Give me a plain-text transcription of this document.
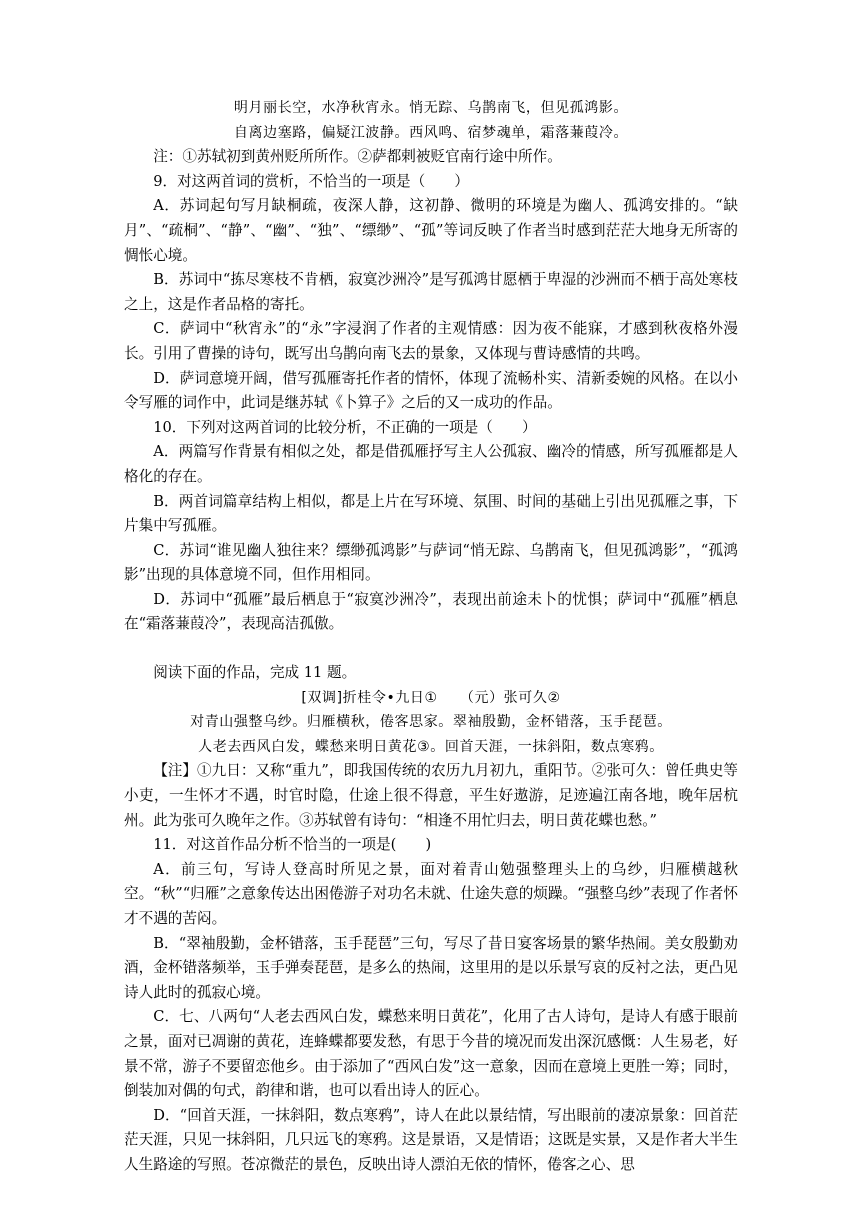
明月丽长空，水净秋宵永。悄无踪、乌鹊南飞，但见孤鸿影。

自离边塞路，偏疑江波静。西风鸣、宿梦魂单，霜落蒹葭冷。

注：①苏轼初到黄州贬所所作。②萨都剌被贬官南行途中所作。

9．对这两首词的赏析，不恰当的一项是（　　）

A．苏词起句写月缺桐疏，夜深人静，这初静、微明的环境是为幽人、孤鸿安排的。“缺月”、“疏桐”、“静”、“幽”、“独”、“缥缈”、“孤”等词反映了作者当时感到茫茫大地身无所寄的惆怅心境。

B．苏词中“拣尽寒枝不肯栖，寂寞沙洲冷”是写孤鸿甘愿栖于卑湿的沙洲而不栖于高处寒枝之上，这是作者品格的寄托。

C．萨词中“秋宵永”的“永”字浸润了作者的主观情感：因为夜不能寐，才感到秋夜格外漫长。引用了曹操的诗句，既写出乌鹊向南飞去的景象，又体现与曹诗感情的共鸣。

D．萨词意境开阔，借写孤雁寄托作者的情怀，体现了流畅朴实、清新委婉的风格。在以小令写雁的词作中，此词是继苏轼《卜算子》之后的又一成功的作品。

10．下列对这两首词的比较分析，不正确的一项是（　　）

A．两篇写作背景有相似之处，都是借孤雁抒写主人公孤寂、幽冷的情感，所写孤雁都是人格化的存在。

B．两首词篇章结构上相似，都是上片在写环境、氛围、时间的基础上引出见孤雁之事，下片集中写孤雁。

C．苏词“谁见幽人独往来？缥缈孤鸿影”与萨词“悄无踪、乌鹊南飞，但见孤鸿影”，“孤鸿影”出现的具体意境不同，但作用相同。

D．苏词中“孤雁”最后栖息于“寂寞沙洲冷”，表现出前途未卜的忧惧；萨词中“孤雁”栖息在“霜落蒹葭冷”，表现高洁孤傲。

阅读下面的作品，完成 11 题。

[双调]折桂令•九日①　　（元）张可久②

对青山强整乌纱。归雁横秋，倦客思家。翠袖殷勤，金杯错落，玉手琵琶。

人老去西风白发，蝶愁来明日黄花③。回首天涯，一抹斜阳，数点寒鸦。

【注】①九日：又称“重九”，即我国传统的农历九月初九，重阳节。②张可久：曾任典史等小吏，一生怀才不遇，时官时隐，仕途上很不得意，平生好遨游，足迹遍江南各地，晚年居杭州。此为张可久晚年之作。③苏轼曾有诗句：“相逢不用忙归去，明日黄花蝶也愁。”

11．对这首作品分析不恰当的一项是(　　)

A．前三句，写诗人登高时所见之景，面对着青山勉强整理头上的乌纱，归雁横越秋空。“秋”“归雁”之意象传达出困倦游子对功名未就、仕途失意的烦躁。“强整乌纱”表现了作者怀才不遇的苦闷。

B．“翠袖殷勤，金杯错落，玉手琵琶”三句，写尽了昔日宴客场景的繁华热闹。美女殷勤劝酒，金杯错落频举，玉手弹奏琵琶，是多么的热闹，这里用的是以乐景写哀的反衬之法，更凸见诗人此时的孤寂心境。

C．七、八两句“人老去西风白发，蝶愁来明日黄花”，化用了古人诗句，是诗人有感于眼前之景，面对已凋谢的黄花，连蜂蝶都要发愁，有思于今昔的境况而发出深沉感慨：人生易老，好景不常，游子不要留恋他乡。由于添加了“西风白发”这一意象，因而在意境上更胜一筹；同时，倒装加对偶的句式，韵律和谐，也可以看出诗人的匠心。

D．“回首天涯，一抹斜阳，数点寒鸦”，诗人在此以景结情，写出眼前的凄凉景象：回首茫茫天涯，只见一抹斜阳，几只远飞的寒鸦。这是景语，又是情语；这既是实景，又是作者大半生人生路途的写照。苍凉微茫的景色，反映出诗人漂泊无依的情怀，倦客之心、思
